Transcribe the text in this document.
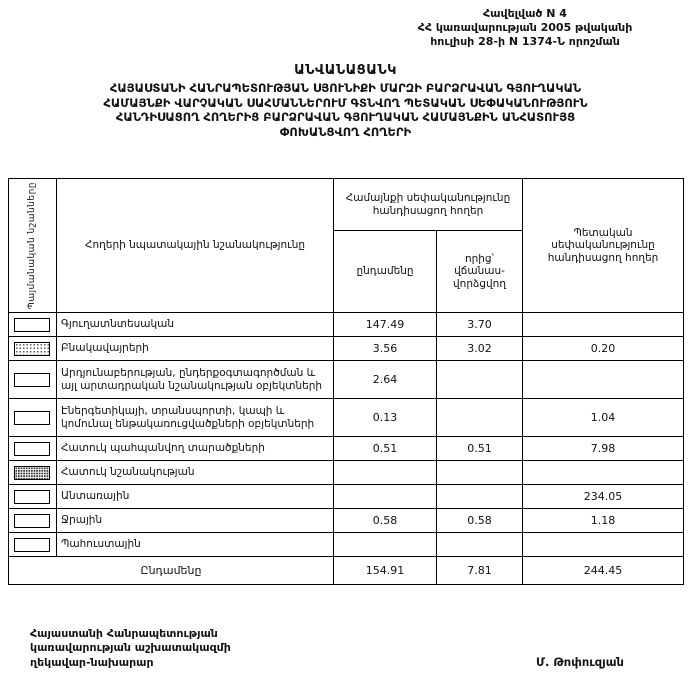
Հավելված N 4
ՀՀ կառավարության 2005 թվականի
հուլիսի 28-ի N 1374-Ն որոշման
ԱՆՎԱՆԱՑԱՆԿ
ՀԱՅԱՍՏԱՆԻ ՀԱՆՐԱՊԵՏՈՒԹՅԱՆ ՍՅՈՒՆԻՔԻ ՄԱՐԶԻ ԲԱՐՁՐԱՎԱՆ ԳՅՈՒՂԱԿԱՆ
ՀԱՄԱՅՆՔԻ ՎԱՐՉԱԿԱՆ ՍԱՀՄԱՆՆԵՐՈՒՄ ԳՏՆՎՈՂ ՊԵՏԱԿԱՆ ՍԵՓԱԿԱՆՈՒԹՅՈՒՆ
ՀԱՆԴԻՍԱՑՈՂ ՀՈՂԵՐԻՑ ԲԱՐՁՐԱՎԱՆ ԳՅՈՒՂԱԿԱՆ ՀԱՄԱՅՆՔԻՆ ԱՆՀԱՏՈՒՅՑ
ՓՈԽԱՆՑՎՈՂ ՀՈՂԵՐԻ
Պայմանական նշանները	Հողերի նպատակային նշանակությունը	Համայնքի սեփականությունը հանդիսացող հողեր		Պետական սեփականությունը հանդիսացող հողեր
		ընդամենը	որից՝ վճանաս- վորձցվող	

	Գյուղատնտեսական	147.49	3.70	

	Բնակավայրերի	3.56	3.02	0.20

	Արդյունաբերության, ընդերքօգտագործման և այլ արտադրական նշանակության օբյեկտների	2.64		

	Էներգետիկայի, տրանսպորտի, կապի և կոմունալ ենթակառուցվածքների օբյեկտների	0.13		1.04

	Հատուկ պահպանվող տարածքների	0.51	0.51	7.98

	Հատուկ նշանակության			

	Անտառային			234.05

	Ջրային	0.58	0.58	1.18

	Պահուստային			
Ընդամենը		154.91	7.81	244.45
Հայաստանի Հանրապետության
կառավարության աշխատակազմի
ղեկավար-նախարար	Մ. Թոփուզյան
